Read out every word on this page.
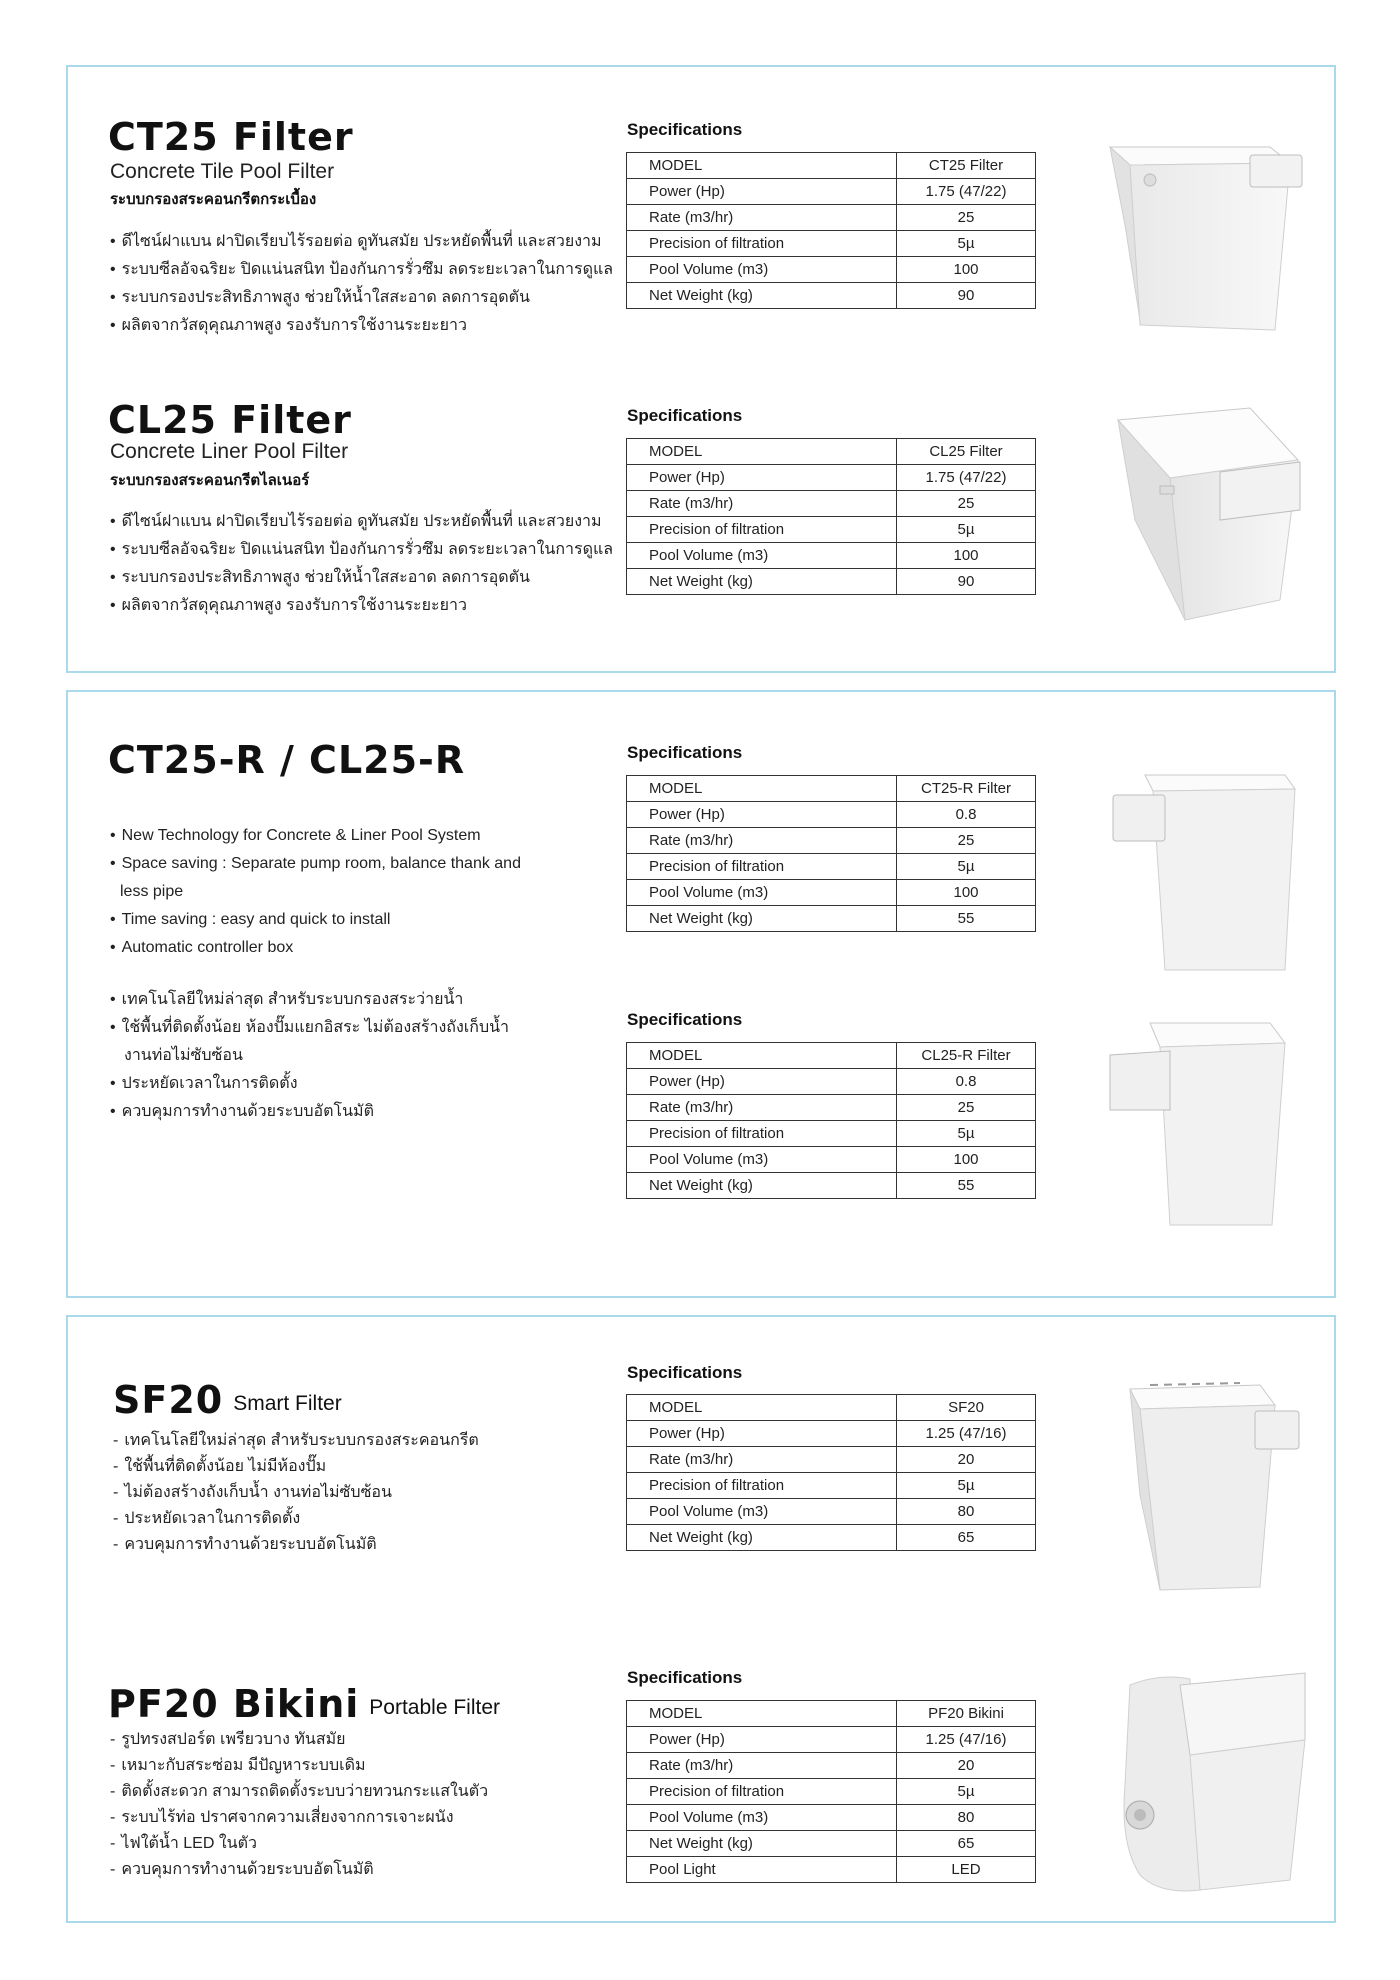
CT25 Filter
Concrete Tile Pool Filter
ระบบกรองสระคอนกรีตกระเบื้อง
• ดีไซน์ฝาแบน ฝาปิดเรียบไร้รอยต่อ ดูทันสมัย ประหยัดพื้นที่ และสวยงาม
• ระบบซีลอัจฉริยะ ปิดแน่นสนิท ป้องกันการรั่วซึม ลดระยะเวลาในการดูแล
• ระบบกรองประสิทธิภาพสูง ช่วยให้น้ำใสสะอาด ลดการอุดตัน
• ผลิตจากวัสดุคุณภาพสูง รองรับการใช้งานระยะยาว
Specifications
MODEL	CT25 Filter
Power (Hp)	1.75 (47/22)
Rate (m3/hr)	25
Precision of filtration	5µ
Pool Volume (m3)	100
Net Weight (kg)	90
CL25 Filter
Concrete Liner Pool Filter
ระบบกรองสระคอนกรีตไลเนอร์
• ดีไซน์ฝาแบน ฝาปิดเรียบไร้รอยต่อ ดูทันสมัย ประหยัดพื้นที่ และสวยงาม
• ระบบซีลอัจฉริยะ ปิดแน่นสนิท ป้องกันการรั่วซึม ลดระยะเวลาในการดูแล
• ระบบกรองประสิทธิภาพสูง ช่วยให้น้ำใสสะอาด ลดการอุดตัน
• ผลิตจากวัสดุคุณภาพสูง รองรับการใช้งานระยะยาว
Specifications
MODEL	CL25 Filter
Power (Hp)	1.75 (47/22)
Rate (m3/hr)	25
Precision of filtration	5µ
Pool Volume (m3)	100
Net Weight (kg)	90
CT25-R / CL25-R
• New Technology for Concrete & Liner Pool System
• Space saving : Separate pump room, balance thank and
less pipe
• Time saving : easy and quick to install
• Automatic controller box
• เทคโนโลยีใหม่ล่าสุด สำหรับระบบกรองสระว่ายน้ำ
• ใช้พื้นที่ติดตั้งน้อย ห้องปั๊มแยกอิสระ ไม่ต้องสร้างถังเก็บน้ำ
งานท่อไม่ซับซ้อน
• ประหยัดเวลาในการติดตั้ง
• ควบคุมการทำงานด้วยระบบอัตโนมัติ
Specifications
MODEL	CT25-R Filter
Power (Hp)	0.8
Rate (m3/hr)	25
Precision of filtration	5µ
Pool Volume (m3)	100
Net Weight (kg)	55
Specifications
MODEL	CL25-R Filter
Power (Hp)	0.8
Rate (m3/hr)	25
Precision of filtration	5µ
Pool Volume (m3)	100
Net Weight (kg)	55
SF20 Smart Filter
- เทคโนโลยีใหม่ล่าสุด สำหรับระบบกรองสระคอนกรีต
- ใช้พื้นที่ติดตั้งน้อย ไม่มีห้องปั๊ม
- ไม่ต้องสร้างถังเก็บน้ำ งานท่อไม่ซับซ้อน
- ประหยัดเวลาในการติดตั้ง
- ควบคุมการทำงานด้วยระบบอัตโนมัติ
Specifications
MODEL	SF20
Power (Hp)	1.25 (47/16)
Rate (m3/hr)	20
Precision of filtration	5µ
Pool Volume (m3)	80
Net Weight (kg)	65
PF20 Bikini Portable Filter
- รูปทรงสปอร์ต เพรียวบาง ทันสมัย
- เหมาะกับสระซ่อม มีปัญหาระบบเดิม
- ติดตั้งสะดวก สามารถติดตั้งระบบว่ายทวนกระแสในตัว
- ระบบไร้ท่อ ปราศจากความเสี่ยงจากการเจาะผนัง
- ไฟใต้น้ำ LED ในตัว
- ควบคุมการทำงานด้วยระบบอัตโนมัติ
Specifications
MODEL	PF20 Bikini
Power (Hp)	1.25 (47/16)
Rate (m3/hr)	20
Precision of filtration	5µ
Pool Volume (m3)	80
Net Weight (kg)	65
Pool Light	LED
